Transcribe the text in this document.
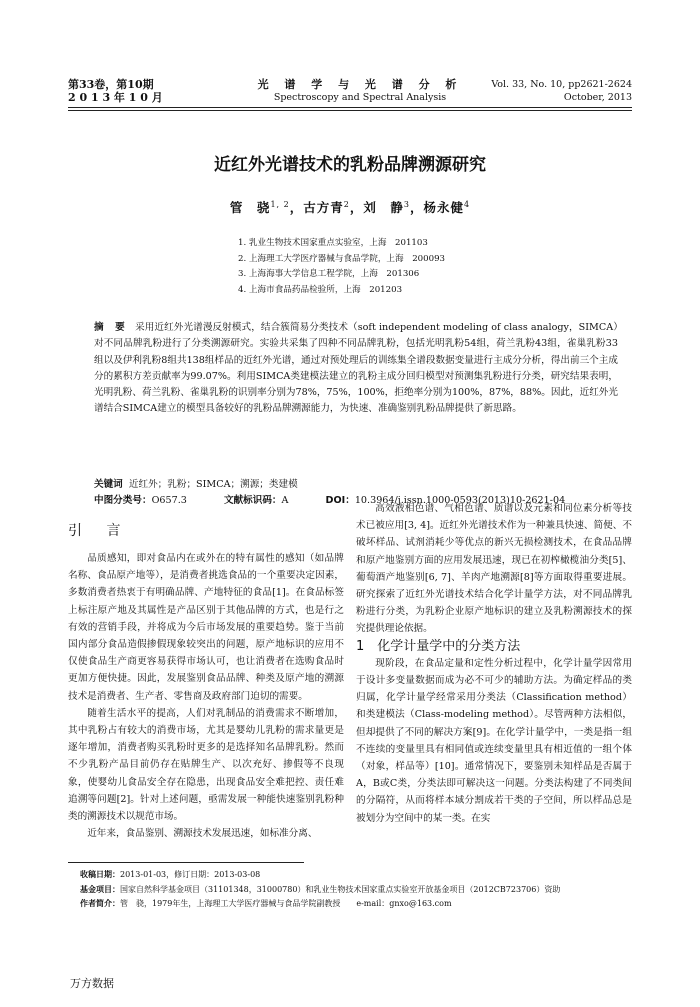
第33卷，第10期
2 0 1 3 年 1 0 月
光 谱 学 与 光 谱 分 析
Spectroscopy and Spectral Analysis
Vol. 33, No. 10, pp2621-2624
October, 2013
近红外光谱技术的乳粉品牌溯源研究
管　骁$^{1, 2}$，古方青$^2$，刘　静$^3$，杨永健$^4$
1. 乳业生物技术国家重点实验室，上海　201103
2. 上海理工大学医疗器械与食品学院，上海　200093
3. 上海海事大学信息工程学院，上海　201306
4. 上海市食品药品检验所，上海　201203
摘 要 采用近红外光谱漫反射模式，结合簇简易分类技术（soft independent modeling of class analogy，SIMCA）对不同品牌乳粉进行了分类溯源研究。实验共采集了四种不同品牌乳粉，包括光明乳粉54组，荷兰乳粉43组，雀巢乳粉33组以及伊利乳粉8组共138组样品的近红外光谱，通过对预处理后的训练集全谱段数据变量进行主成分分析，得出前三个主成分的累积方差贡献率为99.07%。利用SIMCA类建模法建立的乳粉主成分回归模型对预测集乳粉进行分类，研究结果表明，光明乳粉、荷兰乳粉、雀巢乳粉的识别率分别为78%，75%，100%，拒绝率分别为100%，87%，88%。因此，近红外光谱结合SIMCA建立的模型具备较好的乳粉品牌溯源能力，为快速、准确鉴别乳粉品牌提供了新思路。
关键词 近红外；乳粉；SIMCA；溯源；类建模
中图分类号：O657.3	文献标识码：A	DOI：10.3964/j.issn.1000-0593(2013)10-2621-04
引 言

品质感知，即对食品内在或外在的特有属性的感知（如品牌名称、食品原产地等），是消费者挑选食品的一个重要决定因素，多数消费者热衷于有明确品牌、产地特征的食品[1]。在食品标签上标注原产地及其属性是产品区别于其他品牌的方式，也是行之有效的营销手段，并将成为今后市场发展的重要趋势。鉴于当前国内部分食品造假掺假现象较突出的问题，原产地标识的应用不仅使食品生产商更容易获得市场认可，也让消费者在选购食品时更加方便快捷。因此，发展鉴别食品品牌、种类及原产地的溯源技术是消费者、生产者、零售商及政府部门迫切的需要。

随着生活水平的提高，人们对乳制品的消费需求不断增加，其中乳粉占有较大的消费市场，尤其是婴幼儿乳粉的需求量更是逐年增加，消费者购买乳粉时更多的是选择知名品牌乳粉。然而不少乳粉产品目前仍存在贴牌生产、以次充好、掺假等不良现象，使婴幼儿食品安全存在隐患，出现食品安全难把控、责任难追溯等问题[2]。针对上述问题，亟需发展一种能快速鉴别乳粉种类的溯源技术以规范市场。

近年来，食品鉴别、溯源技术发展迅速，如标准分离、

高效液相色谱、气相色谱、质谱以及元素和同位素分析等技术已被应用[3, 4]。近红外光谱技术作为一种兼具快速、简便、不破坏样品、试剂消耗少等优点的新兴无损检测技术，在食品品牌和原产地鉴别方面的应用发展迅速，现已在初榨橄榄油分类[5]、葡萄酒产地鉴别[6, 7]、羊肉产地溯源[8]等方面取得重要进展。研究探索了近红外光谱技术结合化学计量学方法，对不同品牌乳粉进行分类，为乳粉企业原产地标识的建立及乳粉溯源技术的探究提供理论依据。

1　化学计量学中的分类方法

现阶段，在食品定量和定性分析过程中，化学计量学因常用于设计多变量数据而成为必不可少的辅助方法。为确定样品的类归属，化学计量学经常采用分类法（Classification method）和类建模法（Class-modeling method）。尽管两种方法相似，但却提供了不同的解决方案[9]。在化学计量学中，一类是指一组不连续的变量里具有相同值或连续变量里具有相近值的一组个体（对象，样品等）[10]。通常情况下，要鉴别未知样品是否属于A，B或C类，分类法即可解决这一问题。分类法构建了不同类间的分隔符，从而将样本域分割成若干类的子空间，所以样品总是被划分为空间中的某一类。在实

收稿日期：2013-01-03，修订日期：2013-03-08
基金项目：国家自然科学基金项目（31101348，31000780）和乳业生物技术国家重点实验室开放基金项目（2012CB723706）资助
作者简介：管　骁，1979年生，上海理工大学医疗器械与食品学院副教授　　e-mail：gnxo@163.com
万方数据
